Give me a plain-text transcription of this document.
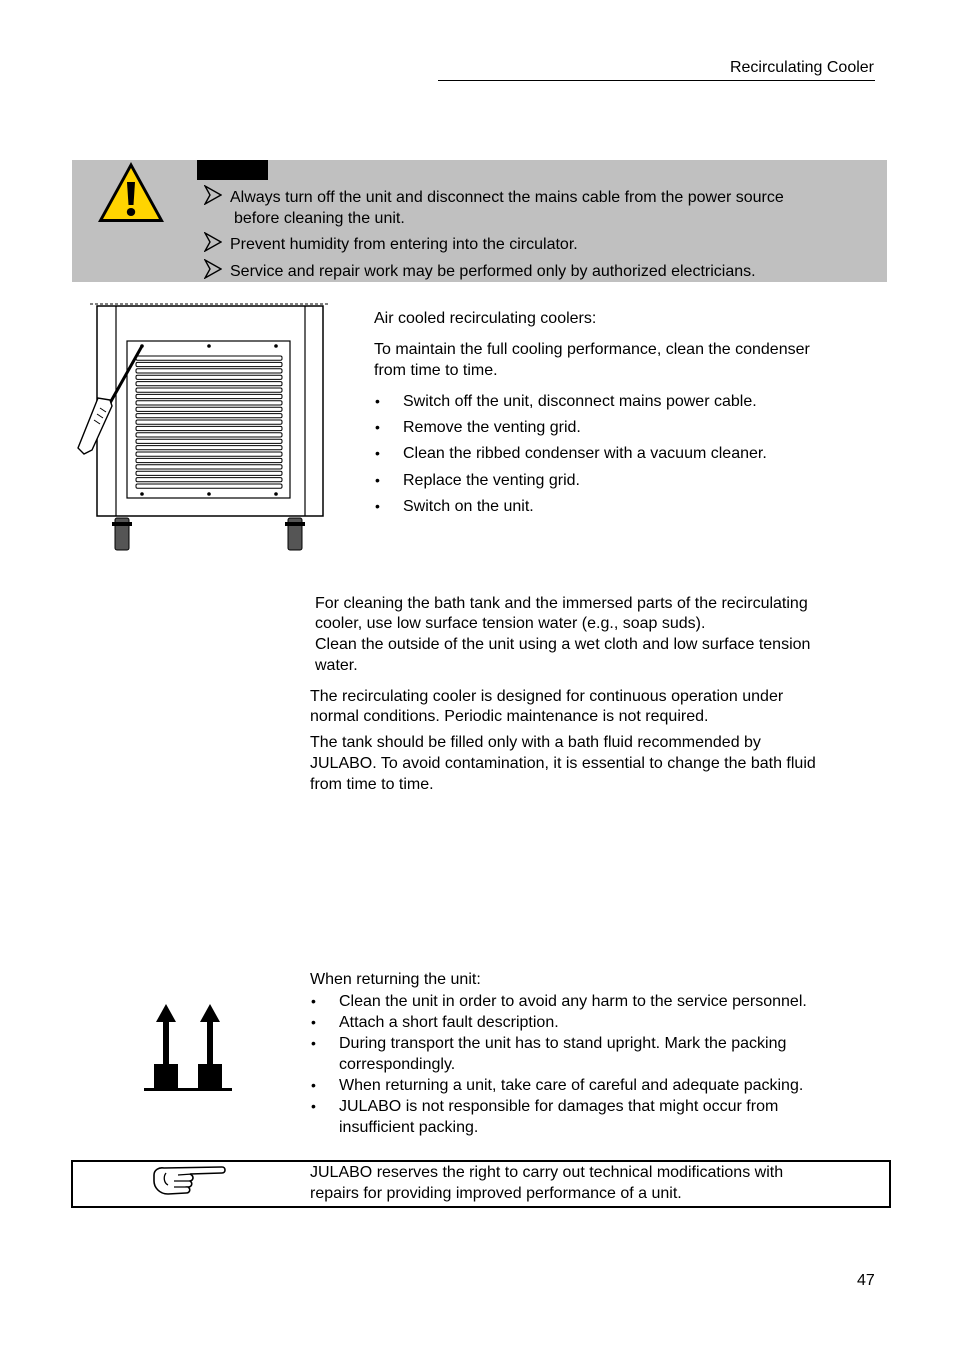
Recirculating Cooler
Always turn off the unit and disconnect the mains cable from the power source
before cleaning the unit.
Prevent humidity from entering into the circulator.
Service and repair work may be performed only by authorized electricians.
Air cooled recirculating coolers:
To maintain the full cooling performance, clean the condenser
from time to time.
• Switch off the unit, disconnect mains power cable.
• Remove the venting grid.
• Clean the ribbed condenser with a vacuum cleaner.
• Replace the venting grid.
• Switch on the unit.
For cleaning the bath tank and the immersed parts of the recirculating
cooler, use low surface tension water (e.g., soap suds).
Clean the outside of the unit using a wet cloth and low surface tension
water.
The recirculating cooler is designed for continuous operation under
normal conditions. Periodic maintenance is not required.
The tank should be filled only with a bath fluid recommended by
JULABO. To avoid contamination, it is essential to change the bath fluid
from time to time.
When returning the unit:
• Clean the unit in order to avoid any harm to the service personnel.
• Attach a short fault description.
• During transport the unit has to stand upright. Mark the packing
correspondingly.
• When returning a unit, take care of careful and adequate packing.
• JULABO is not responsible for damages that might occur from
insufficient packing.
JULABO reserves the right to carry out technical modifications with
repairs for providing improved performance of a unit.
47
